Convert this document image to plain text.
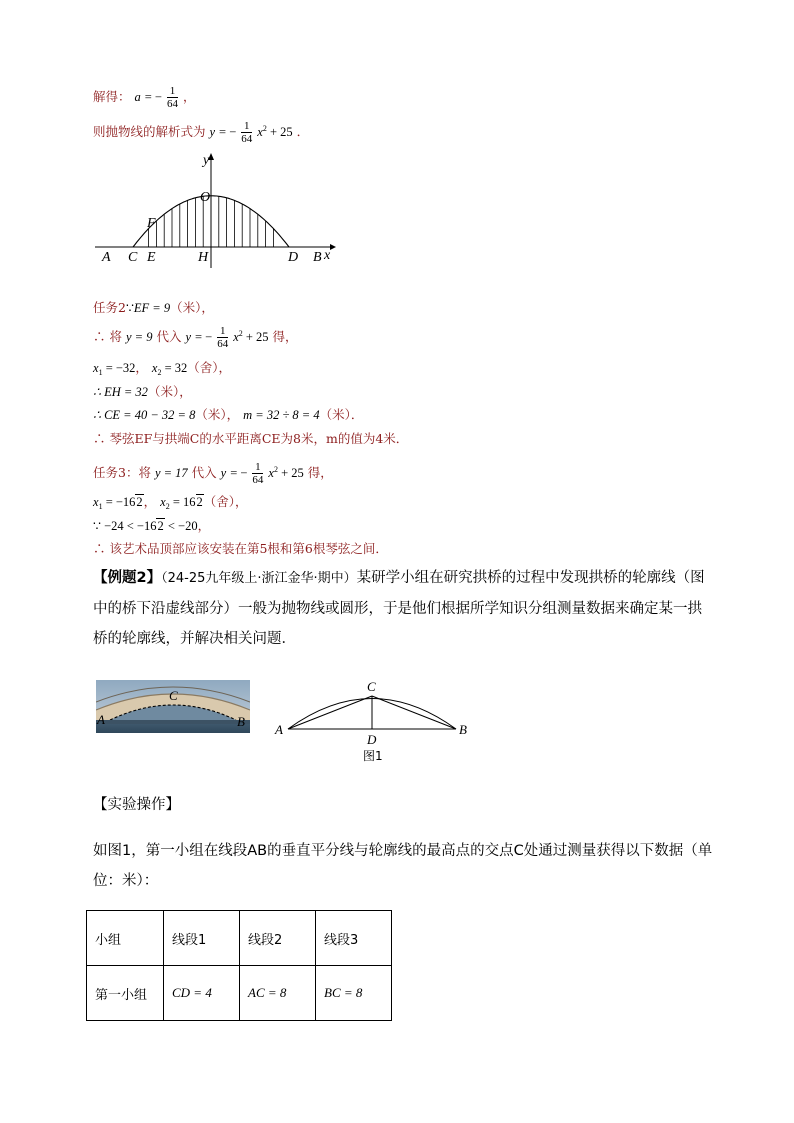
解得： a = − $\frac{1}{64}$ ，
则抛物线的解析式为 y = − $\frac{1}{64} x^2 + 25$ ．
y
x
O
F
A C E	H	D B
任务2∵EF = 9（米），
∴ 将 y = 9 代入 y = − $\frac{1}{64} x^2 + 25$ 得，
$x_1 = -32$， $x_2 = 32$（舍），
∴ EH = 32（米），
∴ CE = 40 − 32 = 8（米）， m = 32 ÷ 8 = 4（米）．
∴ 琴弦EF与拱端C的水平距离CE为8米，m的值为4米．
任务3：将 y = 17 代入 y = − $\frac{1}{64} x^2 + 25$ 得，
$x_1 = -162$， $x_2 = 162$（舍），
∵ −24 < −162 < −20，
∴ 该艺术品顶部应该安装在第5根和第6根琴弦之间．
【例题2】（24-25九年级上·浙江金华·期中）某研学小组在研究拱桥的过程中发现拱桥的轮廓线（图中的桥下沿虚线部分）一般为抛物线或圆形，于是他们根据所学知识分组测量数据来确定某一拱桥的轮廓线，并解决相关问题．
C
A	B
C
A	B
D
图1
【实验操作】
如图1，第一小组在线段AB的垂直平分线与轮廓线的最高点的交点C处通过测量获得以下数据（单位：米）：
小组	线段1	线段2	线段3
第一小组	CD = 4	AC = 8	BC = 8
